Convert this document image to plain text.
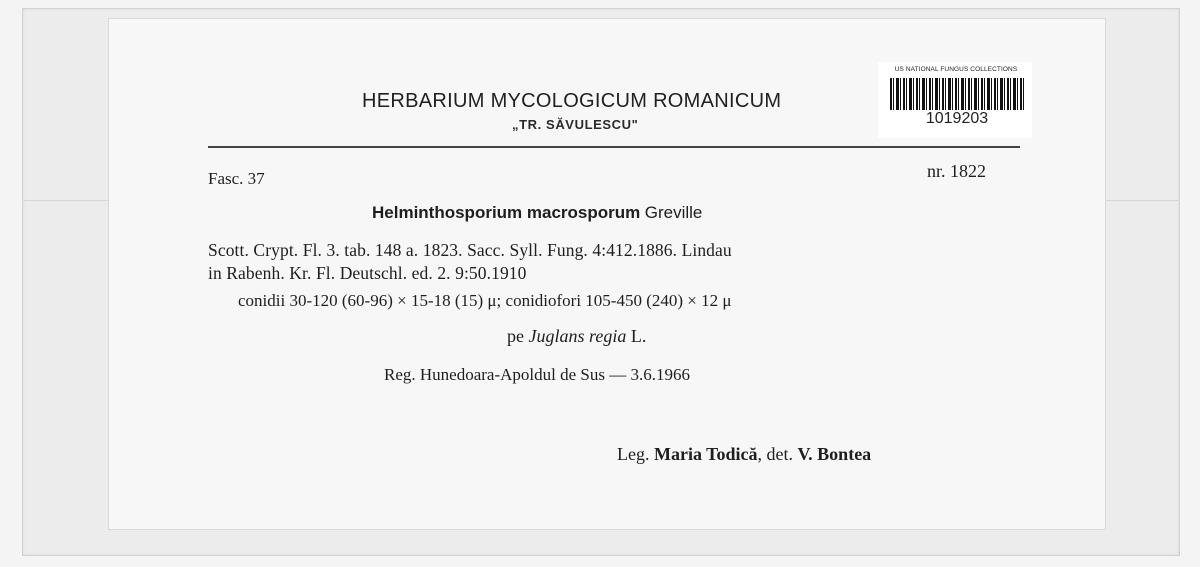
HERBARIUM MYCOLOGICUM ROMANICUM
„TR. SĂVULESCU"
US NATIONAL FUNGUS COLLECTIONS
1019203
Fasc. 37	nr. 1822
Helminthosporium macrosporum Greville
Scott. Crypt. Fl. 3. tab. 148 a. 1823. Sacc. Syll. Fung. 4:412.1886. Lindau
in Rabenh. Kr. Fl. Deutschl. ed. 2. 9:50.1910
conidii 30-120 (60-96) × 15-18 (15) μ; conidiofori 105-450 (240) × 12 μ
pe Juglans regia L.
Reg. Hunedoara-Apoldul de Sus — 3.6.1966
Leg. Maria Todică, det. V. Bontea
